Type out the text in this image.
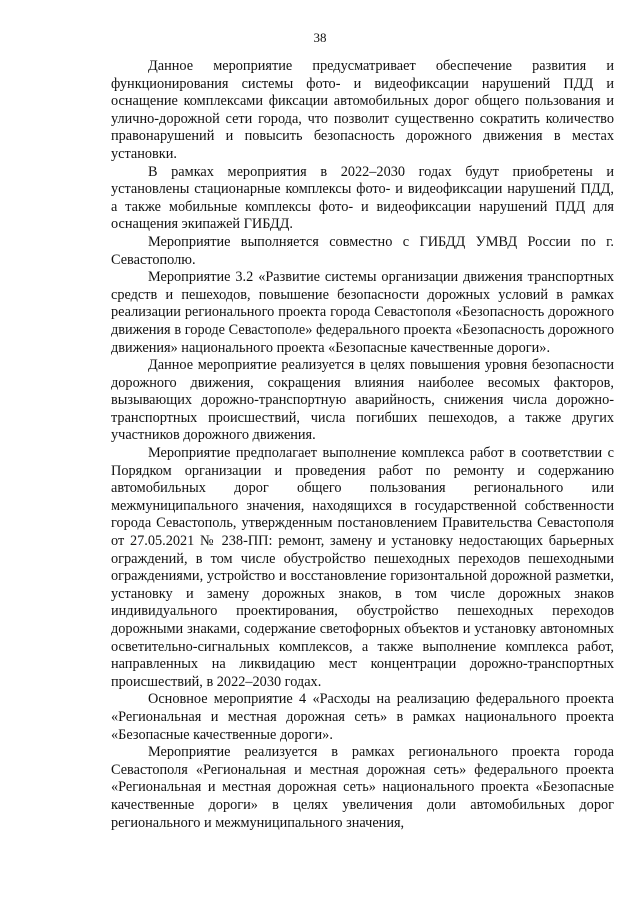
38

Данное мероприятие предусматривает обеспечение развития и функционирования системы фото- и видеофиксации нарушений ПДД и оснащение комплексами фиксации автомобильных дорог общего пользования и улично-дорожной сети города, что позволит существенно сократить количество правонарушений и повысить безопасность дорожного движения в местах установки.

В рамках мероприятия в 2022–2030 годах будут приобретены и установлены стационарные комплексы фото- и видеофиксации нарушений ПДД, а также мобильные комплексы фото- и видеофиксации нарушений ПДД для оснащения экипажей ГИБДД.

Мероприятие выполняется совместно с ГИБДД УМВД России по г. Севастополю.

Мероприятие 3.2 «Развитие системы организации движения транспортных средств и пешеходов, повышение безопасности дорожных условий в рамках реализации регионального проекта города Севастополя «Безопасность дорожного движения в городе Севастополе» федерального проекта «Безопасность дорожного движения» национального проекта «Безопасные качественные дороги».

Данное мероприятие реализуется в целях повышения уровня безопасности дорожного движения, сокращения влияния наиболее весомых факторов, вызывающих дорожно-транспортную аварийность, снижения числа дорожно-транспортных происшествий, числа погибших пешеходов, а также других участников дорожного движения.

Мероприятие предполагает выполнение комплекса работ в соответствии с Порядком организации и проведения работ по ремонту и содержанию автомобильных дорог общего пользования регионального или межмуниципального значения, находящихся в государственной собственности города Севастополь, утвержденным постановлением Правительства Севастополя от 27.05.2021 № 238-ПП: ремонт, замену и установку недостающих барьерных ограждений, в том числе обустройство пешеходных переходов пешеходными ограждениями, устройство и восстановление горизонтальной дорожной разметки, установку и замену дорожных знаков, в том числе дорожных знаков индивидуального проектирования, обустройство пешеходных переходов дорожными знаками, содержание светофорных объектов и установку автономных осветительно-сигнальных комплексов, а также выполнение комплекса работ, направленных на ликвидацию мест концентрации дорожно-транспортных происшествий, в 2022–2030 годах.

Основное мероприятие 4 «Расходы на реализацию федерального проекта «Региональная и местная дорожная сеть» в рамках национального проекта «Безопасные качественные дороги».

Мероприятие реализуется в рамках регионального проекта города Севастополя «Региональная и местная дорожная сеть» федерального проекта «Региональная и местная дорожная сеть» национального проекта «Безопасные качественные дороги» в целях увеличения доли автомобильных дорог регионального и межмуниципального значения,
